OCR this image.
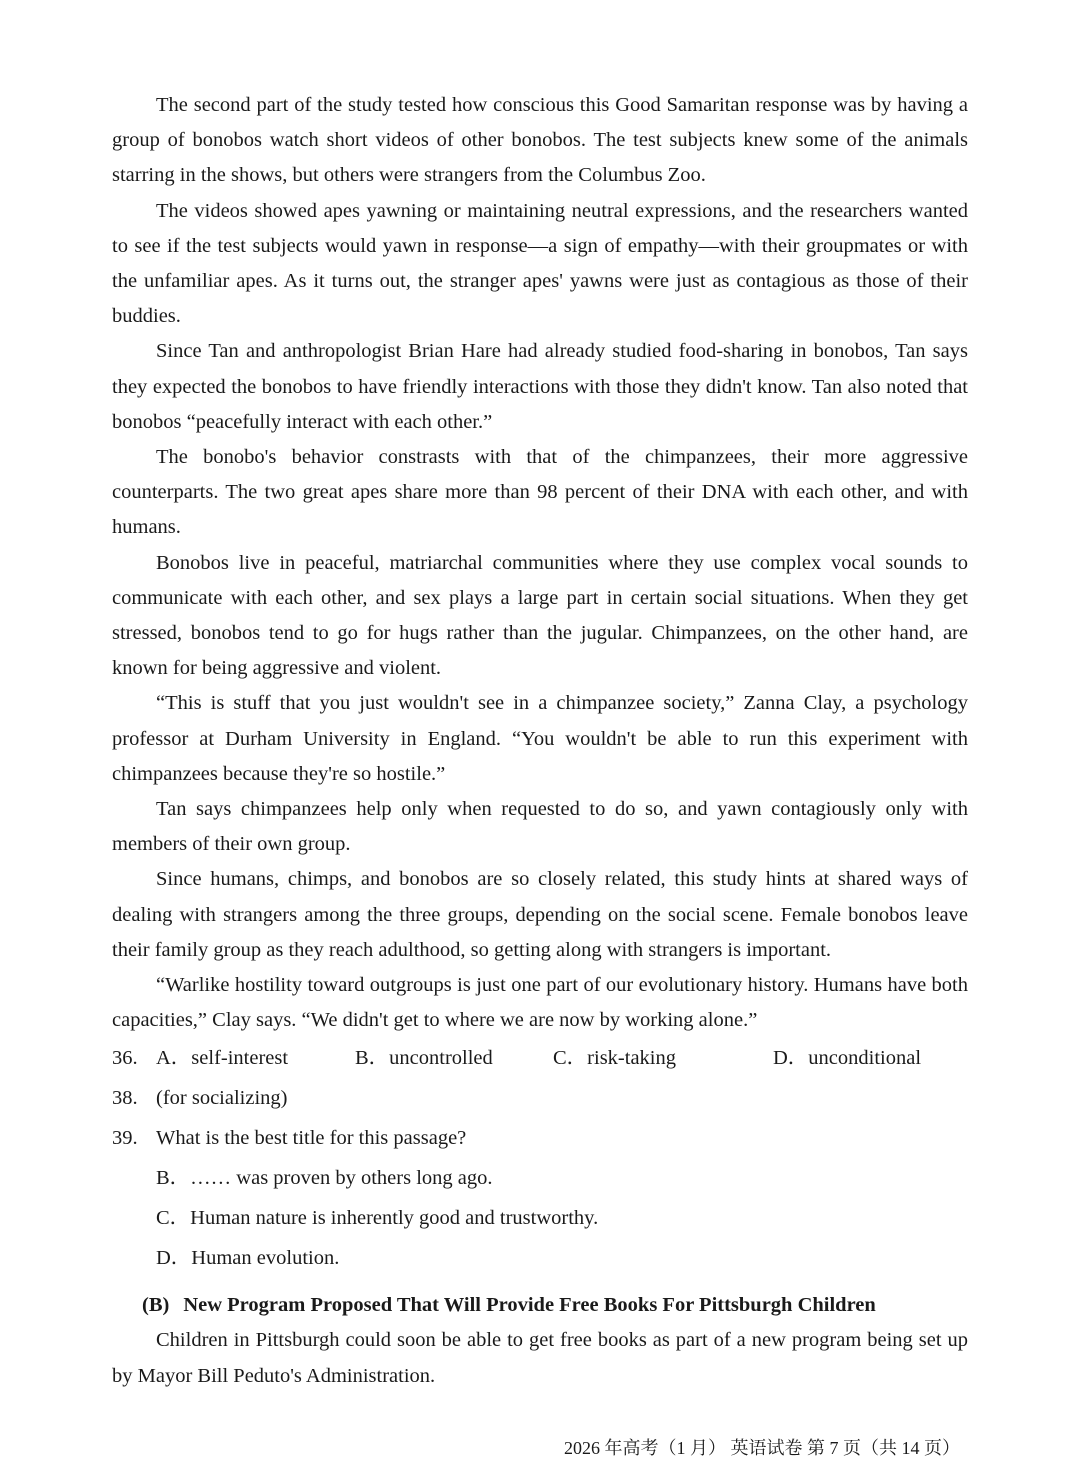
The second part of the study tested how conscious this Good Samaritan response was by having a group of bonobos watch short videos of other bonobos. The test subjects knew some of the animals starring in the shows, but others were strangers from the Columbus Zoo.

The videos showed apes yawning or maintaining neutral expressions, and the researchers wanted to see if the test subjects would yawn in response—a sign of empathy—with their groupmates or with the unfamiliar apes. As it turns out, the stranger apes' yawns were just as contagious as those of their buddies.

Since Tan and anthropologist Brian Hare had already studied food-sharing in bonobos, Tan says they expected the bonobos to have friendly interactions with those they didn't know. Tan also noted that bonobos “peacefully interact with each other.”

The bonobo's behavior constrasts with that of the chimpanzees, their more aggressive counterparts. The two great apes share more than 98 percent of their DNA with each other, and with humans.

Bonobos live in peaceful, matriarchal communities where they use complex vocal sounds to communicate with each other, and sex plays a large part in certain social situations. When they get stressed, bonobos tend to go for hugs rather than the jugular. Chimpanzees, on the other hand, are known for being aggressive and violent.

“This is stuff that you just wouldn't see in a chimpanzee society,” Zanna Clay, a psychology professor at Durham University in England. “You wouldn't be able to run this experiment with chimpanzees because they're so hostile.”

Tan says chimpanzees help only when requested to do so, and yawn contagiously only with members of their own group.

Since humans, chimps, and bonobos are so closely related, this study hints at shared ways of dealing with strangers among the three groups, depending on the social scene. Female bonobos leave their family group as they reach adulthood, so getting along with strangers is important.

“Warlike hostility toward outgroups is just one part of our evolutionary history. Humans have both capacities,” Clay says. “We didn't get to where we are now by working alone.”

36. A．self-interest	B．uncontrolled	C．risk-taking	D．unconditional

38. (for socializing)

39. What is the best title for this passage?

B．…… was proven by others long ago.

C．Human nature is inherently good and trustworthy.

D．Human evolution.

(B) New Program Proposed That Will Provide Free Books For Pittsburgh Children

Children in Pittsburgh could soon be able to get free books as part of a new program being set up by Mayor Bill Peduto's Administration.

2026 年高考（1 月） 英语试卷 第 7 页（共 14 页）
